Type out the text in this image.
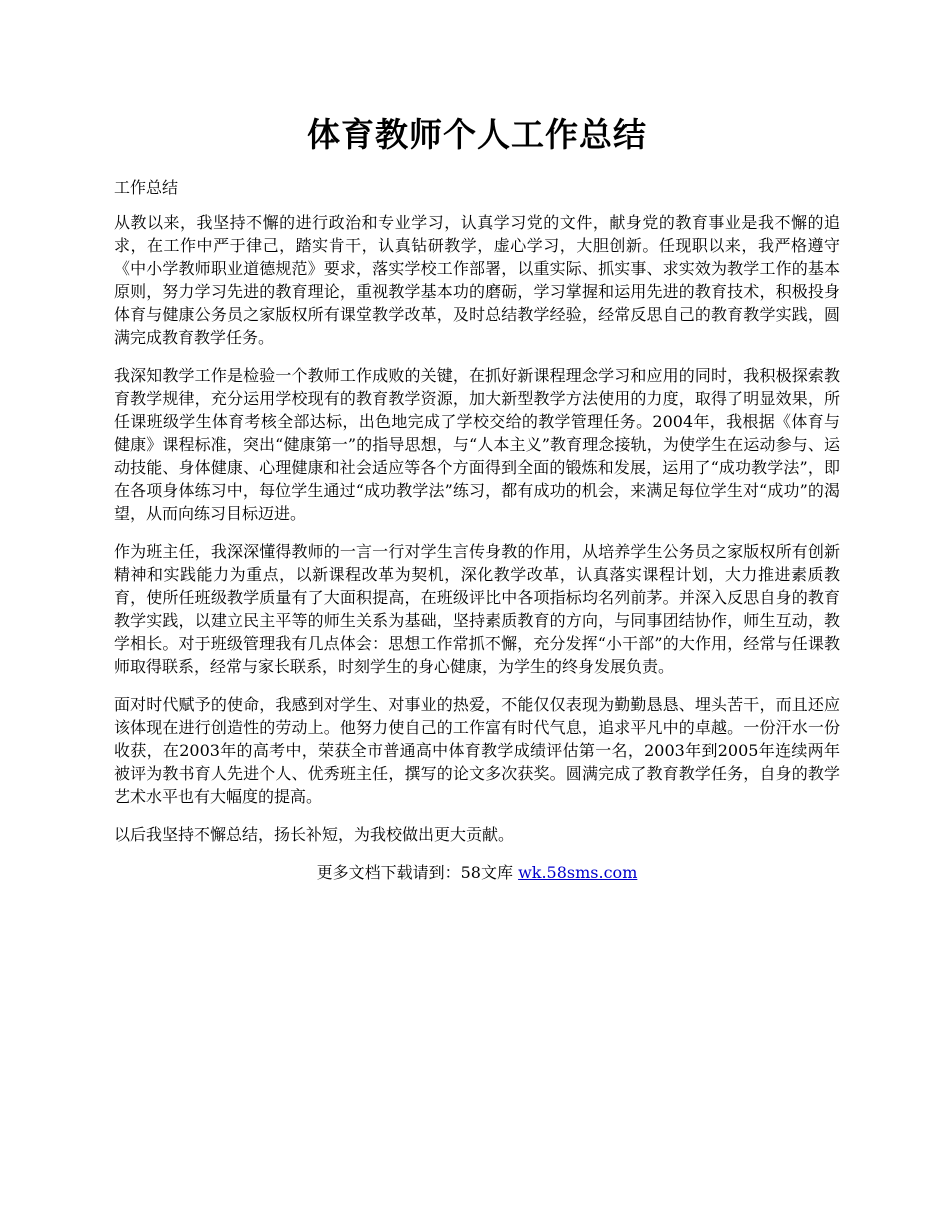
体育教师个人工作总结
工作总结

从教以来，我坚持不懈的进行政治和专业学习，认真学习党的文件，献身党的教育事业是我不懈的追求，在工作中严于律己，踏实肯干，认真钻研教学，虚心学习，大胆创新。任现职以来，我严格遵守《中小学教师职业道德规范》要求，落实学校工作部署，以重实际、抓实事、求实效为教学工作的基本原则，努力学习先进的教育理论，重视教学基本功的磨砺，学习掌握和运用先进的教育技术，积极投身体育与健康公务员之家版权所有课堂教学改革，及时总结教学经验，经常反思自己的教育教学实践，圆满完成教育教学任务。

我深知教学工作是检验一个教师工作成败的关键，在抓好新课程理念学习和应用的同时，我积极探索教育教学规律，充分运用学校现有的教育教学资源，加大新型教学方法使用的力度，取得了明显效果，所任课班级学生体育考核全部达标，出色地完成了学校交给的教学管理任务。2004年，我根据《体育与健康》课程标准，突出“健康第一”的指导思想，与“人本主义”教育理念接轨，为使学生在运动参与、运动技能、身体健康、心理健康和社会适应等各个方面得到全面的锻炼和发展，运用了“成功教学法”，即在各项身体练习中，每位学生通过“成功教学法”练习，都有成功的机会，来满足每位学生对“成功”的渴望，从而向练习目标迈进。

作为班主任，我深深懂得教师的一言一行对学生言传身教的作用，从培养学生公务员之家版权所有创新精神和实践能力为重点，以新课程改革为契机，深化教学改革，认真落实课程计划，大力推进素质教育，使所任班级教学质量有了大面积提高，在班级评比中各项指标均名列前茅。并深入反思自身的教育教学实践，以建立民主平等的师生关系为基础，坚持素质教育的方向，与同事团结协作，师生互动，教学相长。对于班级管理我有几点体会：思想工作常抓不懈，充分发挥“小干部”的大作用，经常与任课教师取得联系，经常与家长联系，时刻学生的身心健康，为学生的终身发展负责。

面对时代赋予的使命，我感到对学生、对事业的热爱，不能仅仅表现为勤勤恳恳、埋头苦干，而且还应该体现在进行创造性的劳动上。他努力使自己的工作富有时代气息，追求平凡中的卓越。一份汗水一份收获，在2003年的高考中，荣获全市普通高中体育教学成绩评估第一名，2003年到2005年连续两年被评为教书育人先进个人、优秀班主任，撰写的论文多次获奖。圆满完成了教育教学任务，自身的教学艺术水平也有大幅度的提高。

以后我坚持不懈总结，扬长补短，为我校做出更大贡献。

更多文档下载请到：58文库 wk.58sms.com
